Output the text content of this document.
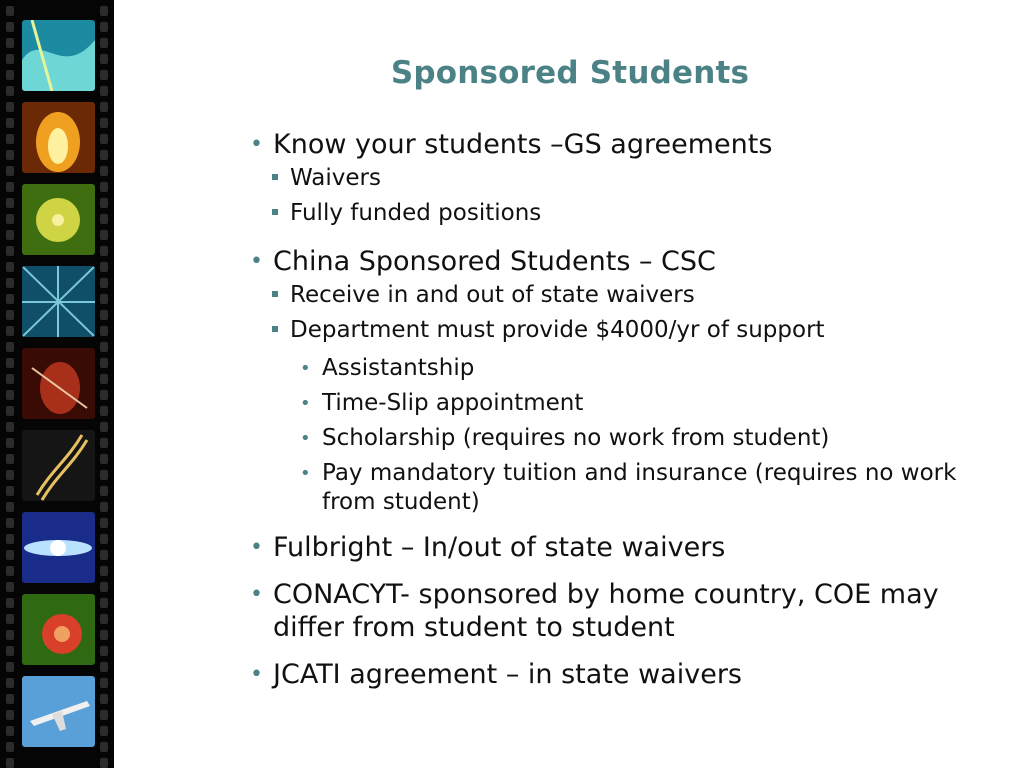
Sponsored Students
• Know your students –GS agreements
Waivers
Fully funded positions
• China Sponsored Students – CSC
Receive in and out of state waivers
Department must provide $4000/yr of support
• Assistantship
• Time-Slip appointment
• Scholarship (requires no work from student)
• Pay mandatory tuition and insurance (requires no work from student)
• Fulbright – In/out of state waivers
• CONACYT- sponsored by home country, COE may differ from student to student
• JCATI agreement – in state waivers
